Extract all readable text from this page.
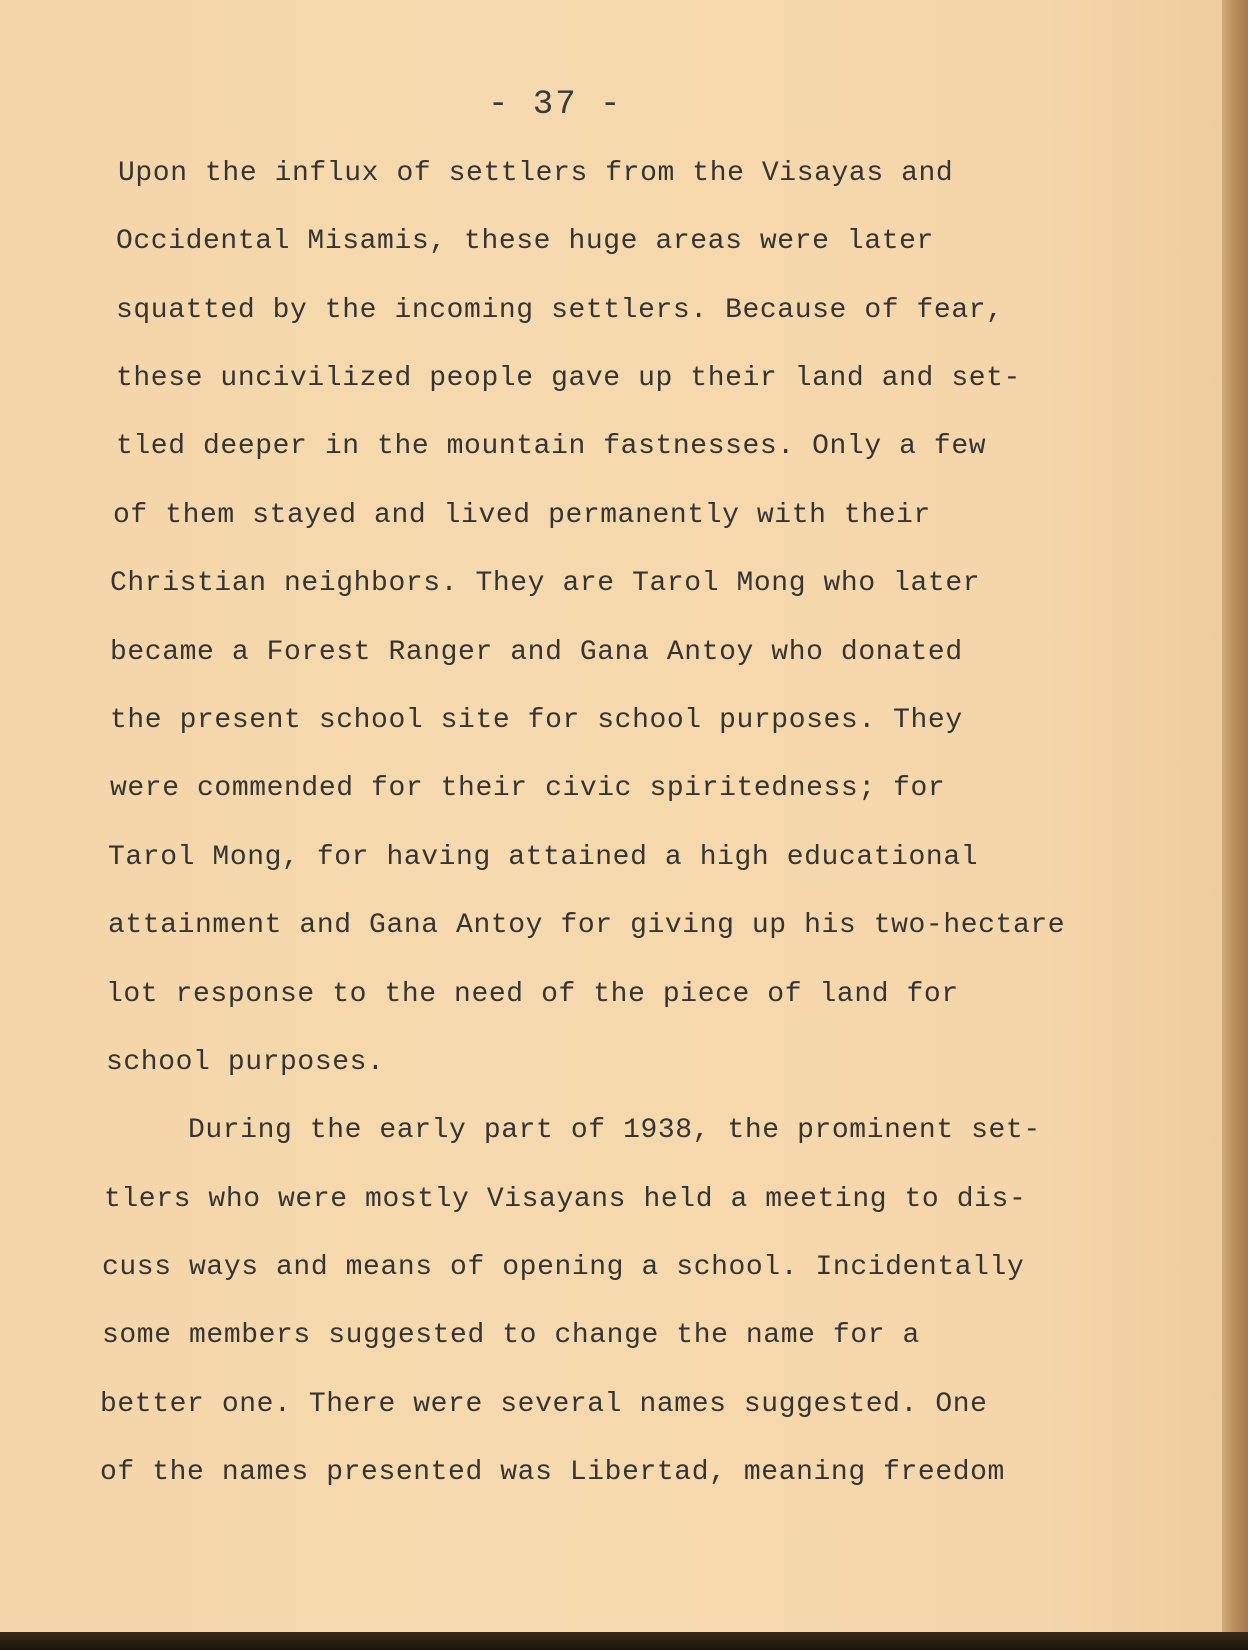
- 37 -
Upon the influx of settlers from the Visayas and
Occidental Misamis, these huge areas were later
squatted by the incoming settlers. Because of fear,
these uncivilized people gave up their land and set-
tled deeper in the mountain fastnesses. Only a few
of them stayed and lived permanently with their
Christian neighbors. They are Tarol Mong who later
became a Forest Ranger and Gana Antoy who donated
the present school site for school purposes. They
were commended for their civic spiritedness; for
Tarol Mong, for having attained a high educational
attainment and Gana Antoy for giving up his two-hectare
lot response to the need of the piece of land for
school purposes.
During the early part of 1938, the prominent set-
tlers who were mostly Visayans held a meeting to dis-
cuss ways and means of opening a school. Incidentally
some members suggested to change the name for a
better one. There were several names suggested. One
of the names presented was Libertad, meaning freedom
